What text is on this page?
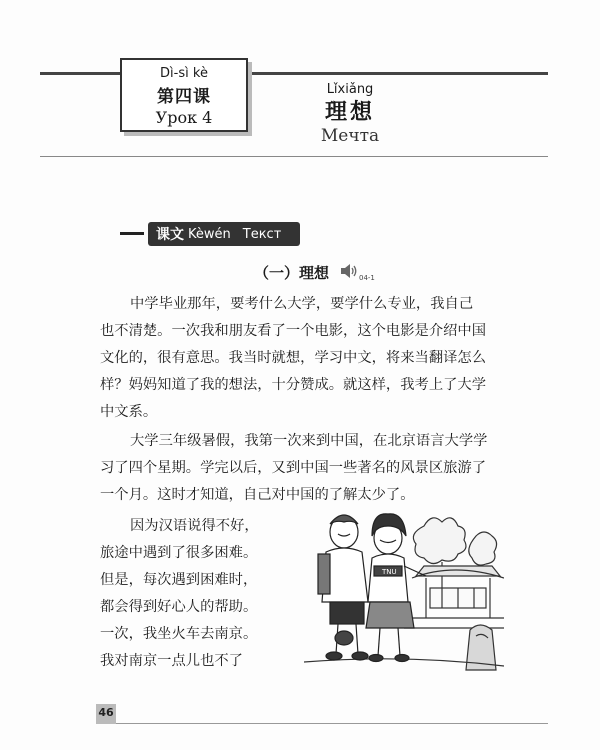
Dì-sì kè
第四课
Урок 4
Lǐxiǎng
理想
Мечта
课文 Kèwén Текст
（一）理想	04-1
中学毕业那年，要考什么大学，要学什么专业，我自己
也不清楚。一次我和朋友看了一个电影，这个电影是介绍中国
文化的，很有意思。我当时就想，学习中文，将来当翻译怎么
样？妈妈知道了我的想法，十分赞成。就这样，我考上了大学
中文系。
大学三年级暑假，我第一次来到中国，在北京语言大学学
习了四个星期。学完以后，又到中国一些著名的风景区旅游了
一个月。这时才知道，自己对中国的了解太少了。
因为汉语说得不好，
旅途中遇到了很多困难。
但是，每次遇到困难时，
都会得到好心人的帮助。
一次，我坐火车去南京。
我对南京一点儿也不了
TNU
46
